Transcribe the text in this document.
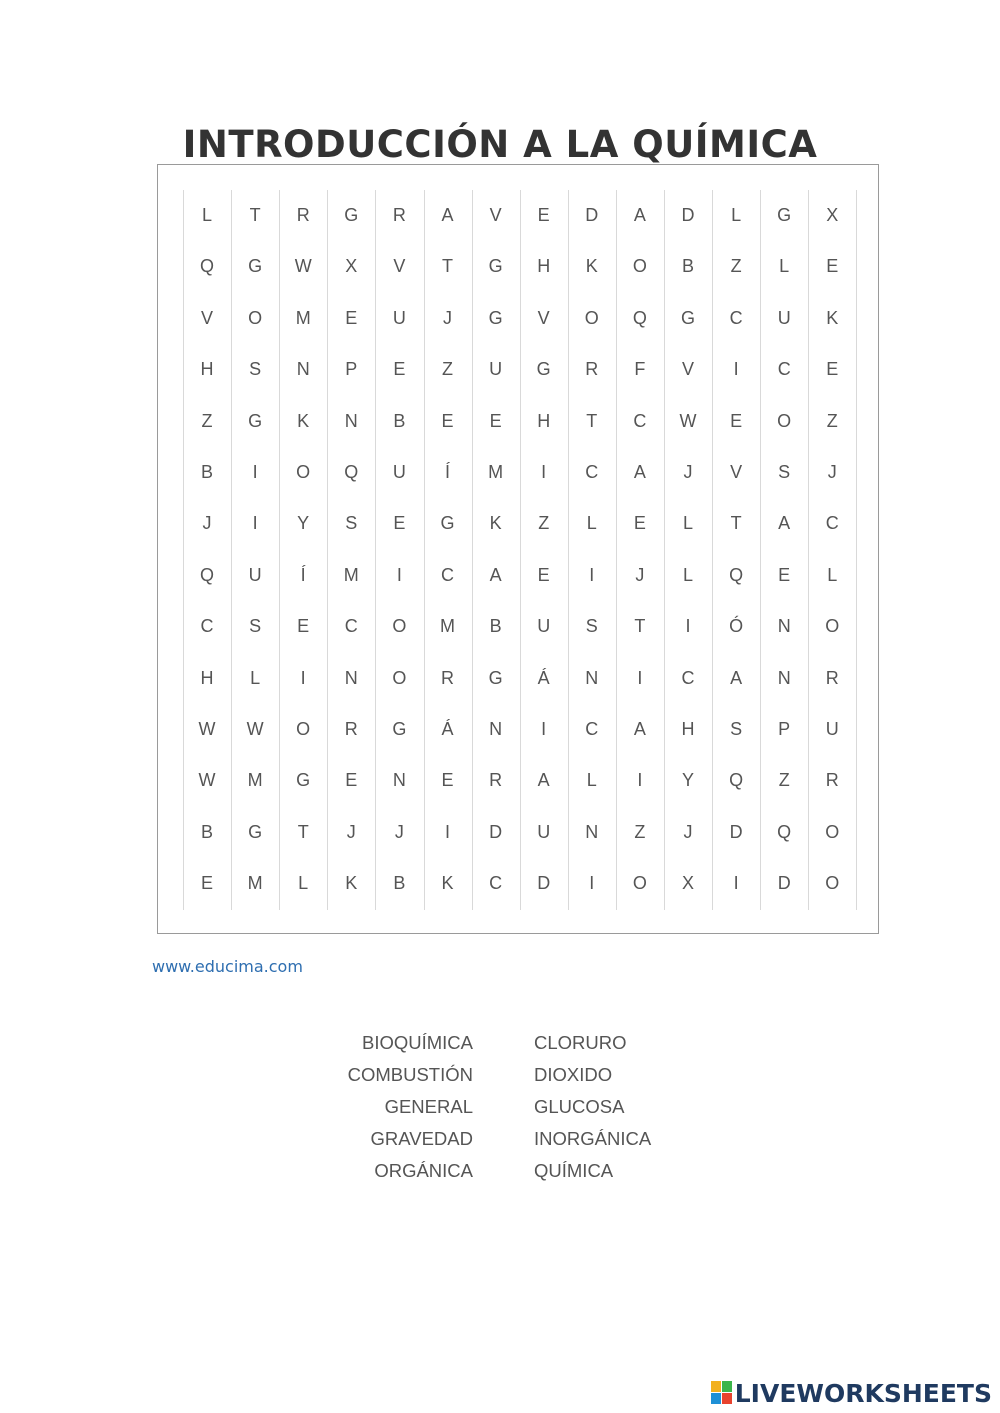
INTRODUCCIÓN A LA QUÍMICA
L	T	R	G	R	A	V	E	D	A	D	L	G	X
Q	G	W	X	V	T	G	H	K	O	B	Z	L	E
V	O	M	E	U	J	G	V	O	Q	G	C	U	K
H	S	N	P	E	Z	U	G	R	F	V	I	C	E
Z	G	K	N	B	E	E	H	T	C	W	E	O	Z
B	I	O	Q	U	Í	M	I	C	A	J	V	S	J
J	I	Y	S	E	G	K	Z	L	E	L	T	A	C
Q	U	Í	M	I	C	A	E	I	J	L	Q	E	L
C	S	E	C	O	M	B	U	S	T	I	Ó	N	O
H	L	I	N	O	R	G	Á	N	I	C	A	N	R
W	W	O	R	G	Á	N	I	C	A	H	S	P	U
W	M	G	E	N	E	R	A	L	I	Y	Q	Z	R
B	G	T	J	J	I	D	U	N	Z	J	D	Q	O
E	M	L	K	B	K	C	D	I	O	X	I	D	O
www.educima.com
BIOQUÍMICA
COMBUSTIÓN
GENERAL
GRAVEDAD
ORGÁNICA
CLORURO
DIOXIDO
GLUCOSA
INORGÁNICA
QUÍMICA
LIVEWORKSHEETS
